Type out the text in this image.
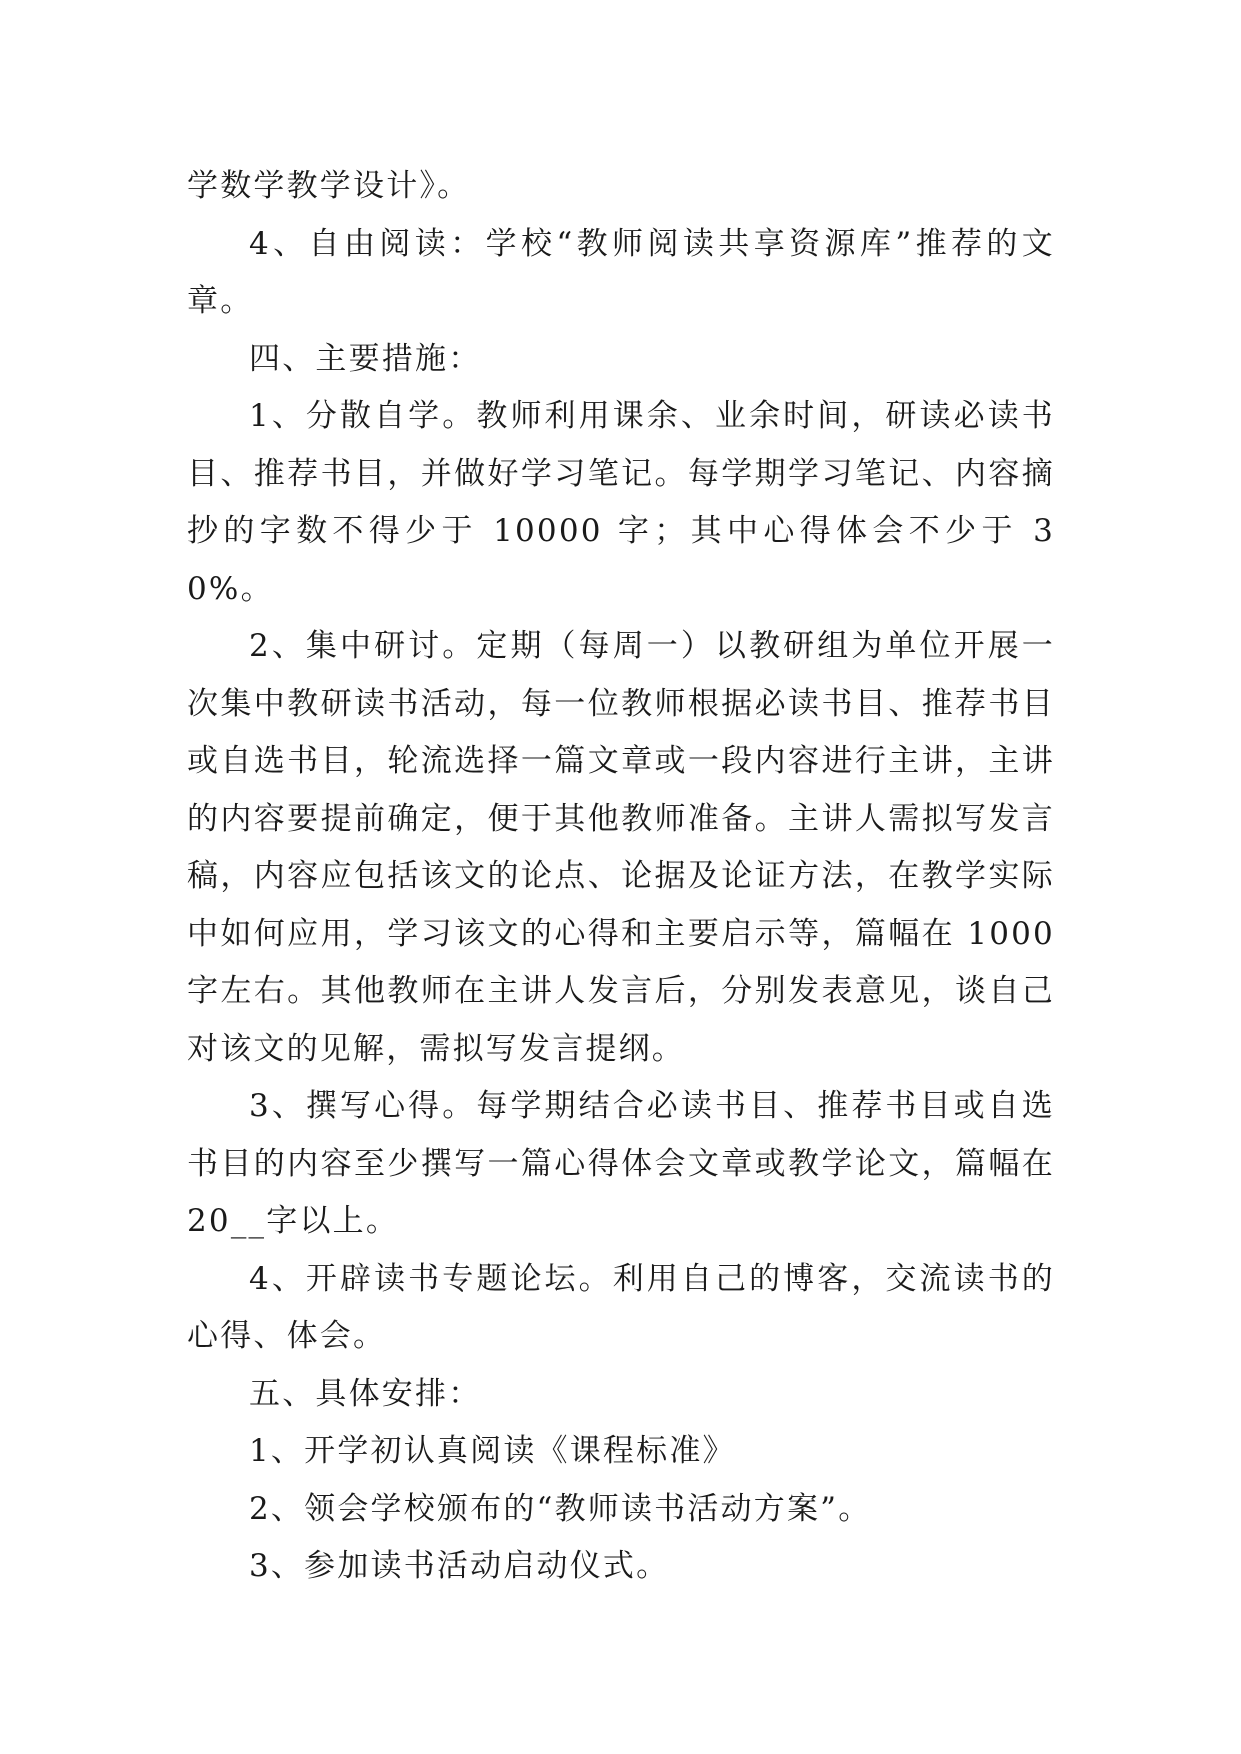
学数学教学设计》。

4、自由阅读：学校“教师阅读共享资源库”推荐的文章。

四、主要措施：

1、分散自学。教师利用课余、业余时间，研读必读书目、推荐书目，并做好学习笔记。每学期学习笔记、内容摘抄的字数不得少于 10000 字；其中心得体会不少于 30%。

2、集中研讨。定期（每周一）以教研组为单位开展一次集中教研读书活动，每一位教师根据必读书目、推荐书目或自选书目，轮流选择一篇文章或一段内容进行主讲，主讲的内容要提前确定，便于其他教师准备。主讲人需拟写发言稿，内容应包括该文的论点、论据及论证方法，在教学实际中如何应用，学习该文的心得和主要启示等，篇幅在 1000 字左右。其他教师在主讲人发言后，分别发表意见，谈自己对该文的见解，需拟写发言提纲。

3、撰写心得。每学期结合必读书目、推荐书目或自选书目的内容至少撰写一篇心得体会文章或教学论文，篇幅在 20__字以上。

4、开辟读书专题论坛。利用自己的博客，交流读书的心得、体会。

五、具体安排：

1、开学初认真阅读《课程标准》

2、领会学校颁布的“教师读书活动方案”。

3、参加读书活动启动仪式。
